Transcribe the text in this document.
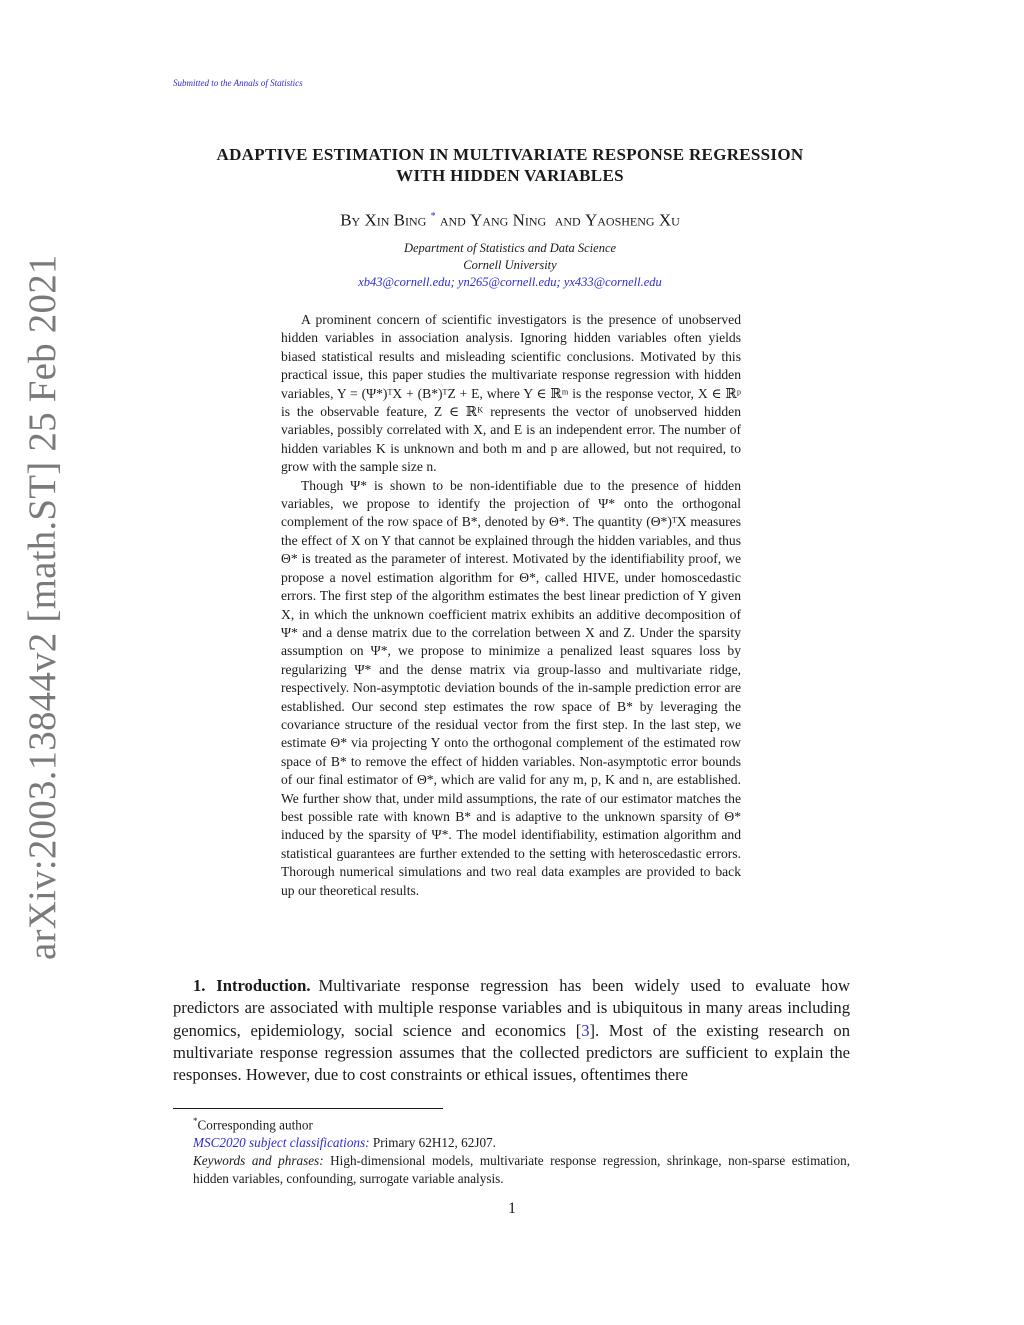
Submitted to the Annals of Statistics
arXiv:2003.13844v2 [math.ST] 25 Feb 2021
ADAPTIVE ESTIMATION IN MULTIVARIATE RESPONSE REGRESSION
WITH HIDDEN VARIABLES
By Xin Bing * and Yang Ning and Yaosheng Xu
Department of Statistics and Data Science
Cornell University
xb43@cornell.edu; yn265@cornell.edu; yx433@cornell.edu

A prominent concern of scientific investigators is the presence of unobserved hidden variables in association analysis. Ignoring hidden variables often yields biased statistical results and misleading scientific conclusions. Motivated by this practical issue, this paper studies the multivariate response regression with hidden variables, Y = (Ψ*)ᵀX + (B*)ᵀZ + E, where Y ∈ ℝᵐ is the response vector, X ∈ ℝᵖ is the observable feature, Z ∈ ℝᴷ represents the vector of unobserved hidden variables, possibly correlated with X, and E is an independent error. The number of hidden variables K is unknown and both m and p are allowed, but not required, to grow with the sample size n.

Though Ψ* is shown to be non-identifiable due to the presence of hidden variables, we propose to identify the projection of Ψ* onto the orthogonal complement of the row space of B*, denoted by Θ*. The quantity (Θ*)ᵀX measures the effect of X on Y that cannot be explained through the hidden variables, and thus Θ* is treated as the parameter of interest. Motivated by the identifiability proof, we propose a novel estimation algorithm for Θ*, called HIVE, under homoscedastic errors. The first step of the algorithm estimates the best linear prediction of Y given X, in which the unknown coefficient matrix exhibits an additive decomposition of Ψ* and a dense matrix due to the correlation between X and Z. Under the sparsity assumption on Ψ*, we propose to minimize a penalized least squares loss by regularizing Ψ* and the dense matrix via group-lasso and multivariate ridge, respectively. Non-asymptotic deviation bounds of the in-sample prediction error are established. Our second step estimates the row space of B* by leveraging the covariance structure of the residual vector from the first step. In the last step, we estimate Θ* via projecting Y onto the orthogonal complement of the estimated row space of B* to remove the effect of hidden variables. Non-asymptotic error bounds of our final estimator of Θ*, which are valid for any m, p, K and n, are established. We further show that, under mild assumptions, the rate of our estimator matches the best possible rate with known B* and is adaptive to the unknown sparsity of Θ* induced by the sparsity of Ψ*. The model identifiability, estimation algorithm and statistical guarantees are further extended to the setting with heteroscedastic errors. Thorough numerical simulations and two real data examples are provided to back up our theoretical results.

1. Introduction. Multivariate response regression has been widely used to evaluate how predictors are associated with multiple response variables and is ubiquitous in many areas including genomics, epidemiology, social science and economics [3]. Most of the existing research on multivariate response regression assumes that the collected predictors are sufficient to explain the responses. However, due to cost constraints or ethical issues, oftentimes there

*Corresponding author

MSC2020 subject classifications: Primary 62H12, 62J07.

Keywords and phrases: High-dimensional models, multivariate response regression, shrinkage, non-sparse estimation, hidden variables, confounding, surrogate variable analysis.

1
